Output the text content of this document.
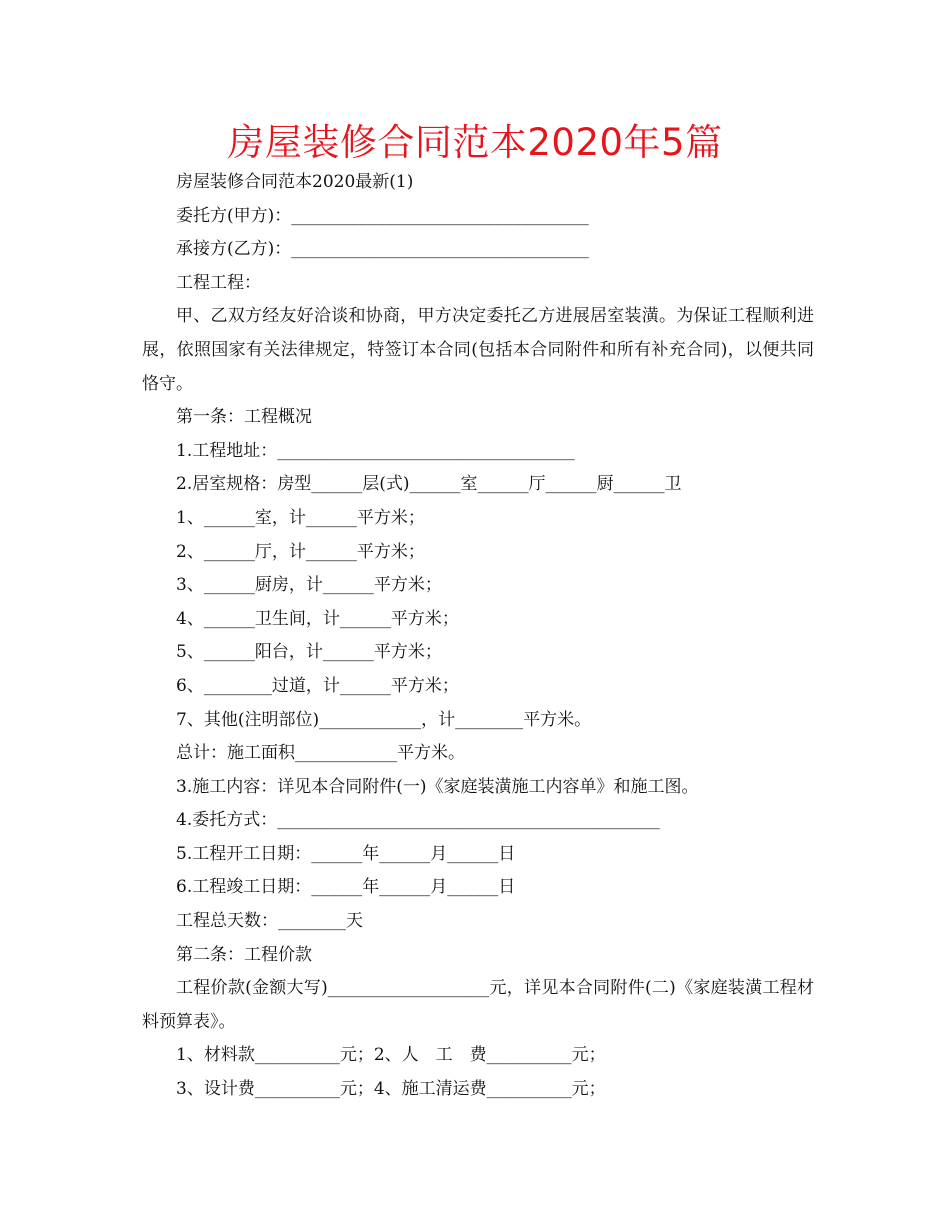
房屋装修合同范本2020年5篇

房屋装修合同范本2020最新(1)

委托方(甲方)：___________________________________

承接方(乙方)：___________________________________

工程工程：

甲、乙双方经友好洽谈和协商，甲方决定委托乙方进展居室装潢。为保证工程顺利进展，依照国家有关法律规定，特签订本合同(包括本合同附件和所有补充合同)，以便共同恪守。

第一条：工程概况

1.工程地址：___________________________________

2.居室规格：房型______层(式)______室______厅______厨______卫

1、______室，计______平方米；

2、______厅，计______平方米；

3、______厨房，计______平方米；

4、______卫生间，计______平方米；

5、______阳台，计______平方米；

6、________过道，计______平方米；

7、其他(注明部位)____________，计________平方米。

总计：施工面积____________平方米。

3.施工内容：详见本合同附件(一)《家庭装潢施工内容单》和施工图。

4.委托方式：_____________________________________________

5.工程开工日期：______年______月______日

6.工程竣工日期：______年______月______日

工程总天数：________天

第二条：工程价款

工程价款(金额大写)___________________元，详见本合同附件(二)《家庭装潢工程材料预算表》。

1、材料款__________元；2、人　工　费__________元；

3、设计费__________元；4、施工清运费__________元；
